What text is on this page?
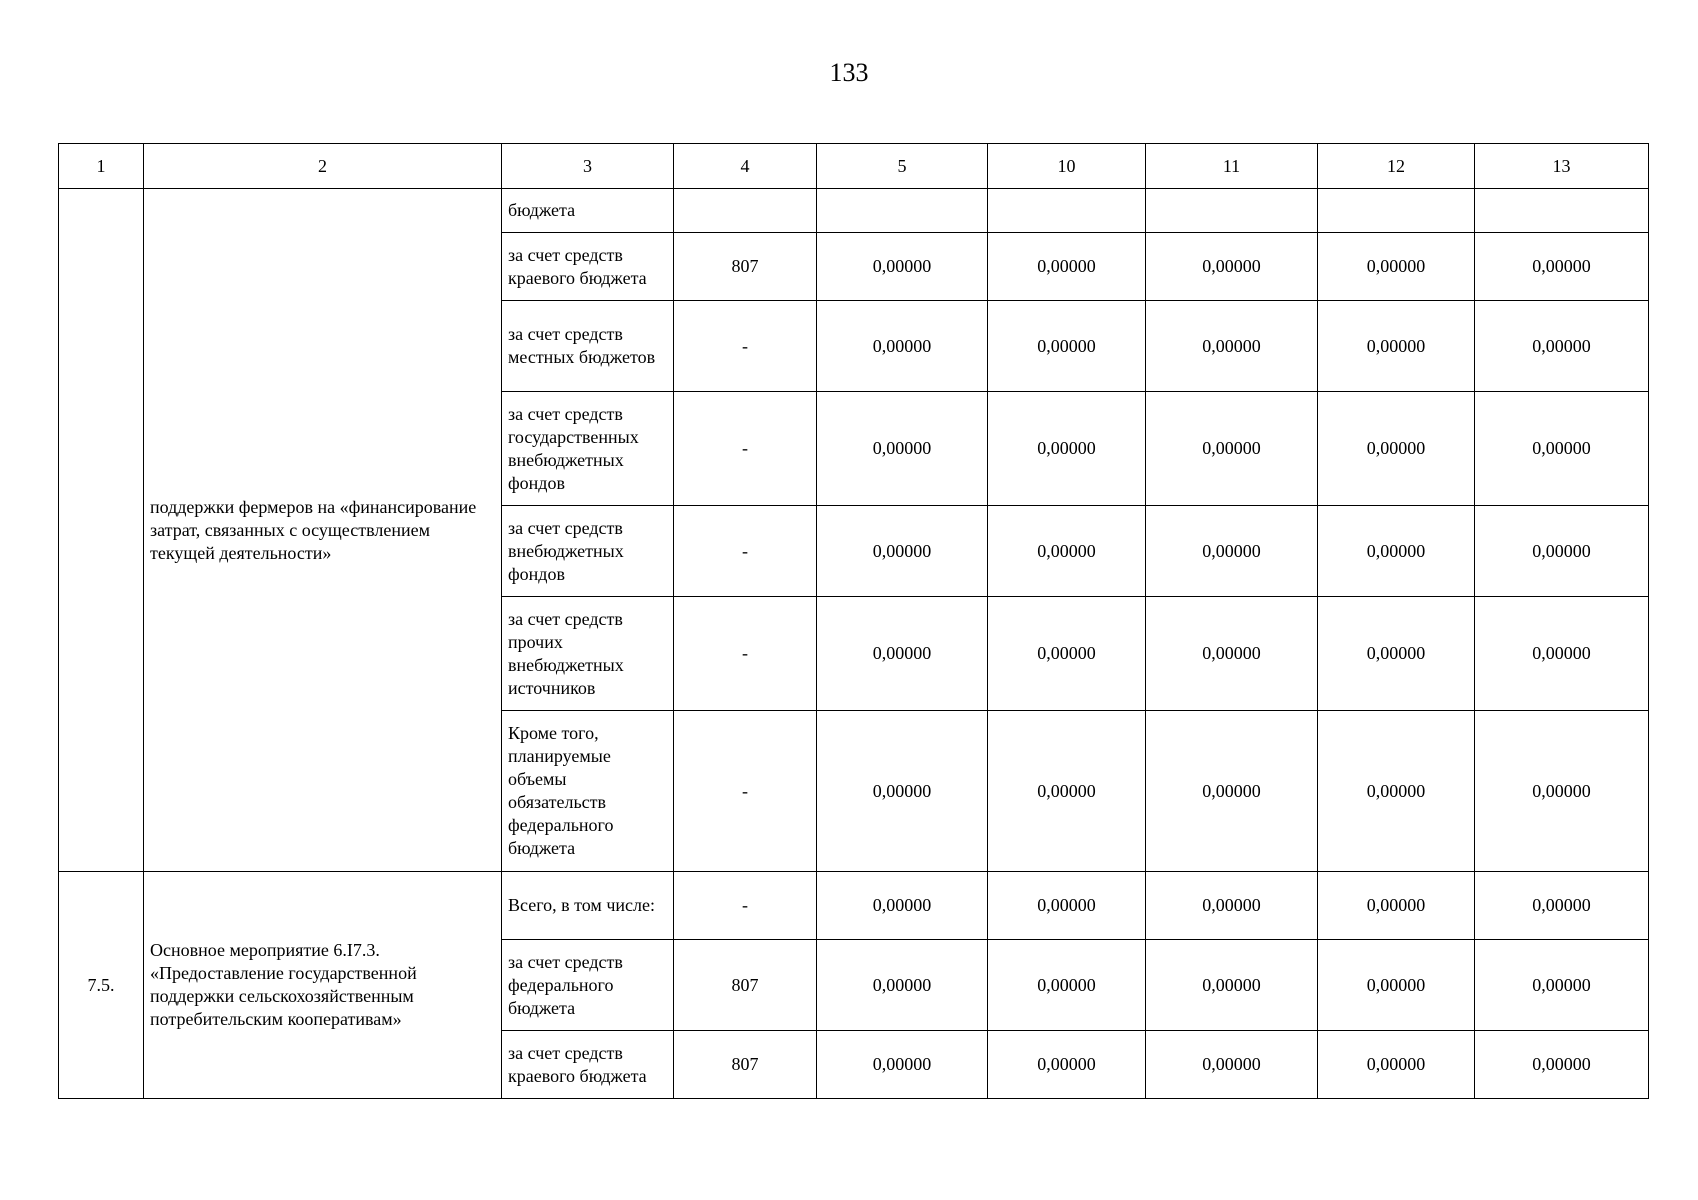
133
1	2	3	4	5	10	11	12	13
	поддержки фермеров на «финансирование затрат, связанных с осуществлением текущей деятельности»	бюджета						
		за счет средств краевого бюджета	807	0,00000	0,00000	0,00000	0,00000	0,00000
		за счет средств местных бюджетов	-	0,00000	0,00000	0,00000	0,00000	0,00000
		за счет средств государственных внебюджетных фондов	-	0,00000	0,00000	0,00000	0,00000	0,00000
		за счет средств внебюджетных фондов	-	0,00000	0,00000	0,00000	0,00000	0,00000
		за счет средств прочих внебюджетных источников	-	0,00000	0,00000	0,00000	0,00000	0,00000
		Кроме того, планируемые объемы обязательств федерального бюджета	-	0,00000	0,00000	0,00000	0,00000	0,00000
7.5.	Основное мероприятие 6.I7.3. «Предоставление государственной поддержки сельскохозяйственным потребительским кооперативам»	Всего, в том числе:	-	0,00000	0,00000	0,00000	0,00000	0,00000
		за счет средств федерального бюджета	807	0,00000	0,00000	0,00000	0,00000	0,00000
		за счет средств краевого бюджета	807	0,00000	0,00000	0,00000	0,00000	0,00000
